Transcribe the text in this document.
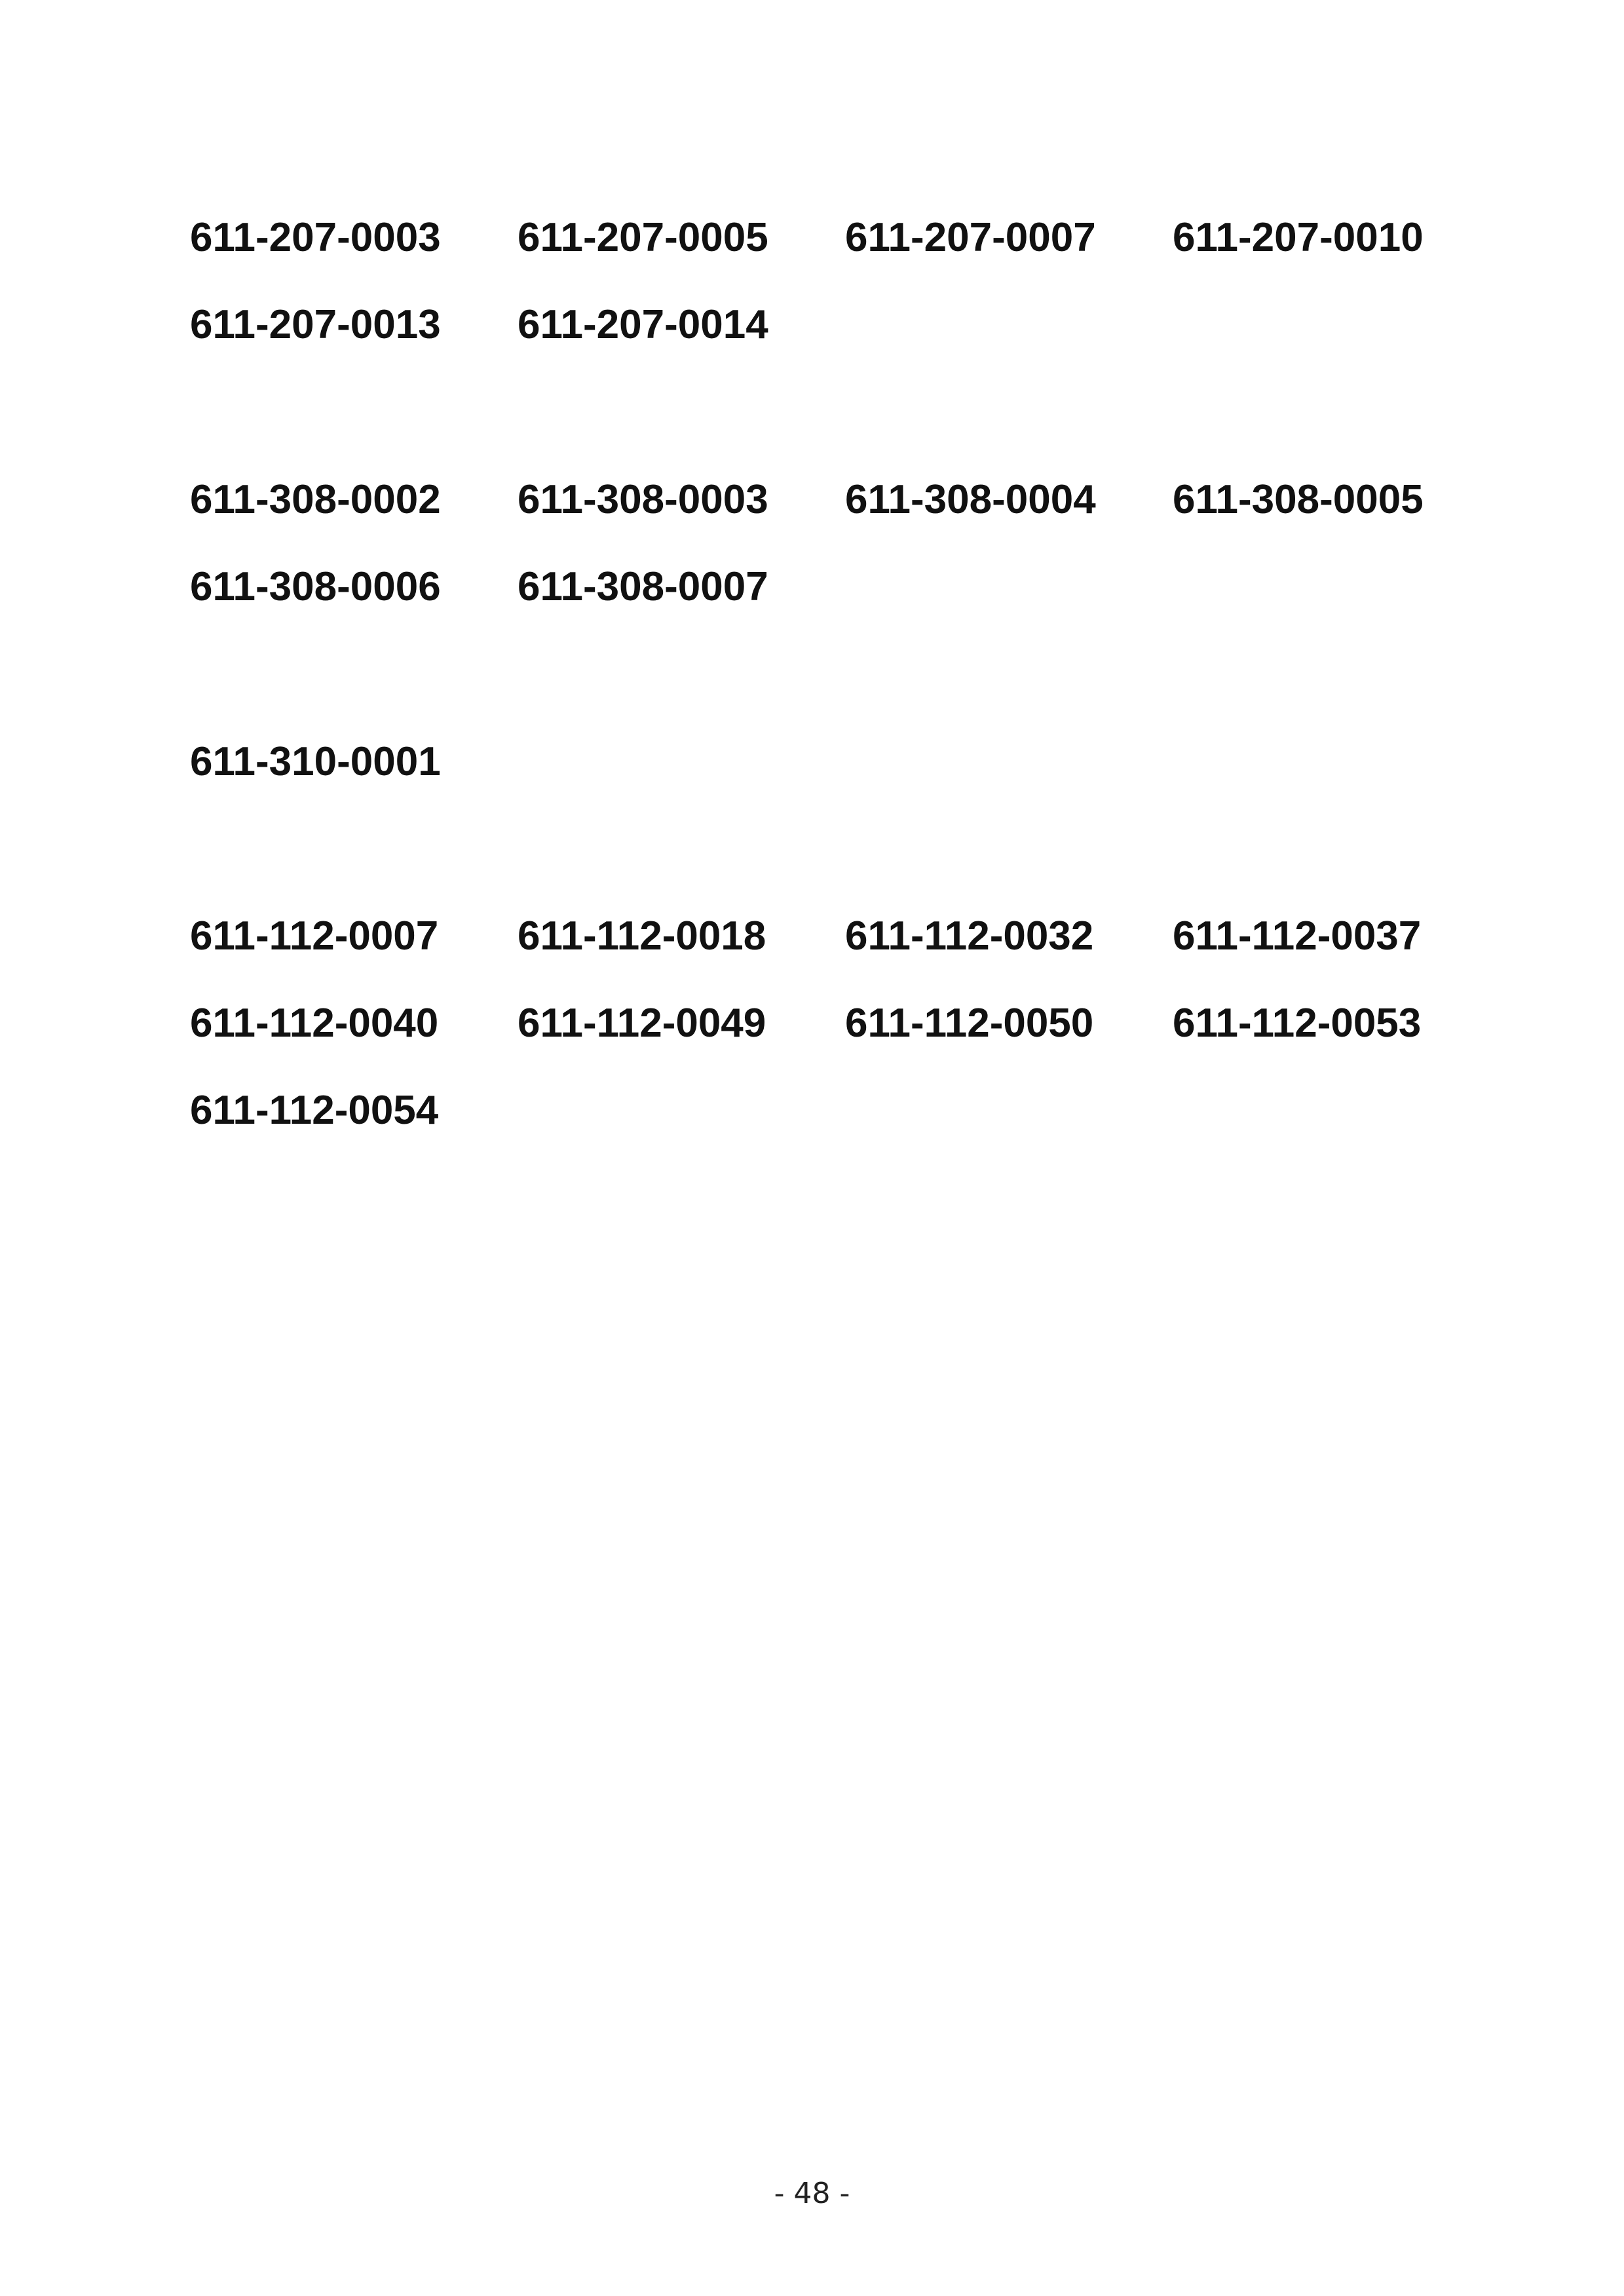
611-207-0003	611-207-0005	611-207-0007	611-207-0010
611-207-0013	611-207-0014
611-308-0002	611-308-0003	611-308-0004	611-308-0005
611-308-0006	611-308-0007
611-310-0001
611-112-0007	611-112-0018	611-112-0032	611-112-0037
611-112-0040	611-112-0049	611-112-0050	611-112-0053
611-112-0054
- 48 -
